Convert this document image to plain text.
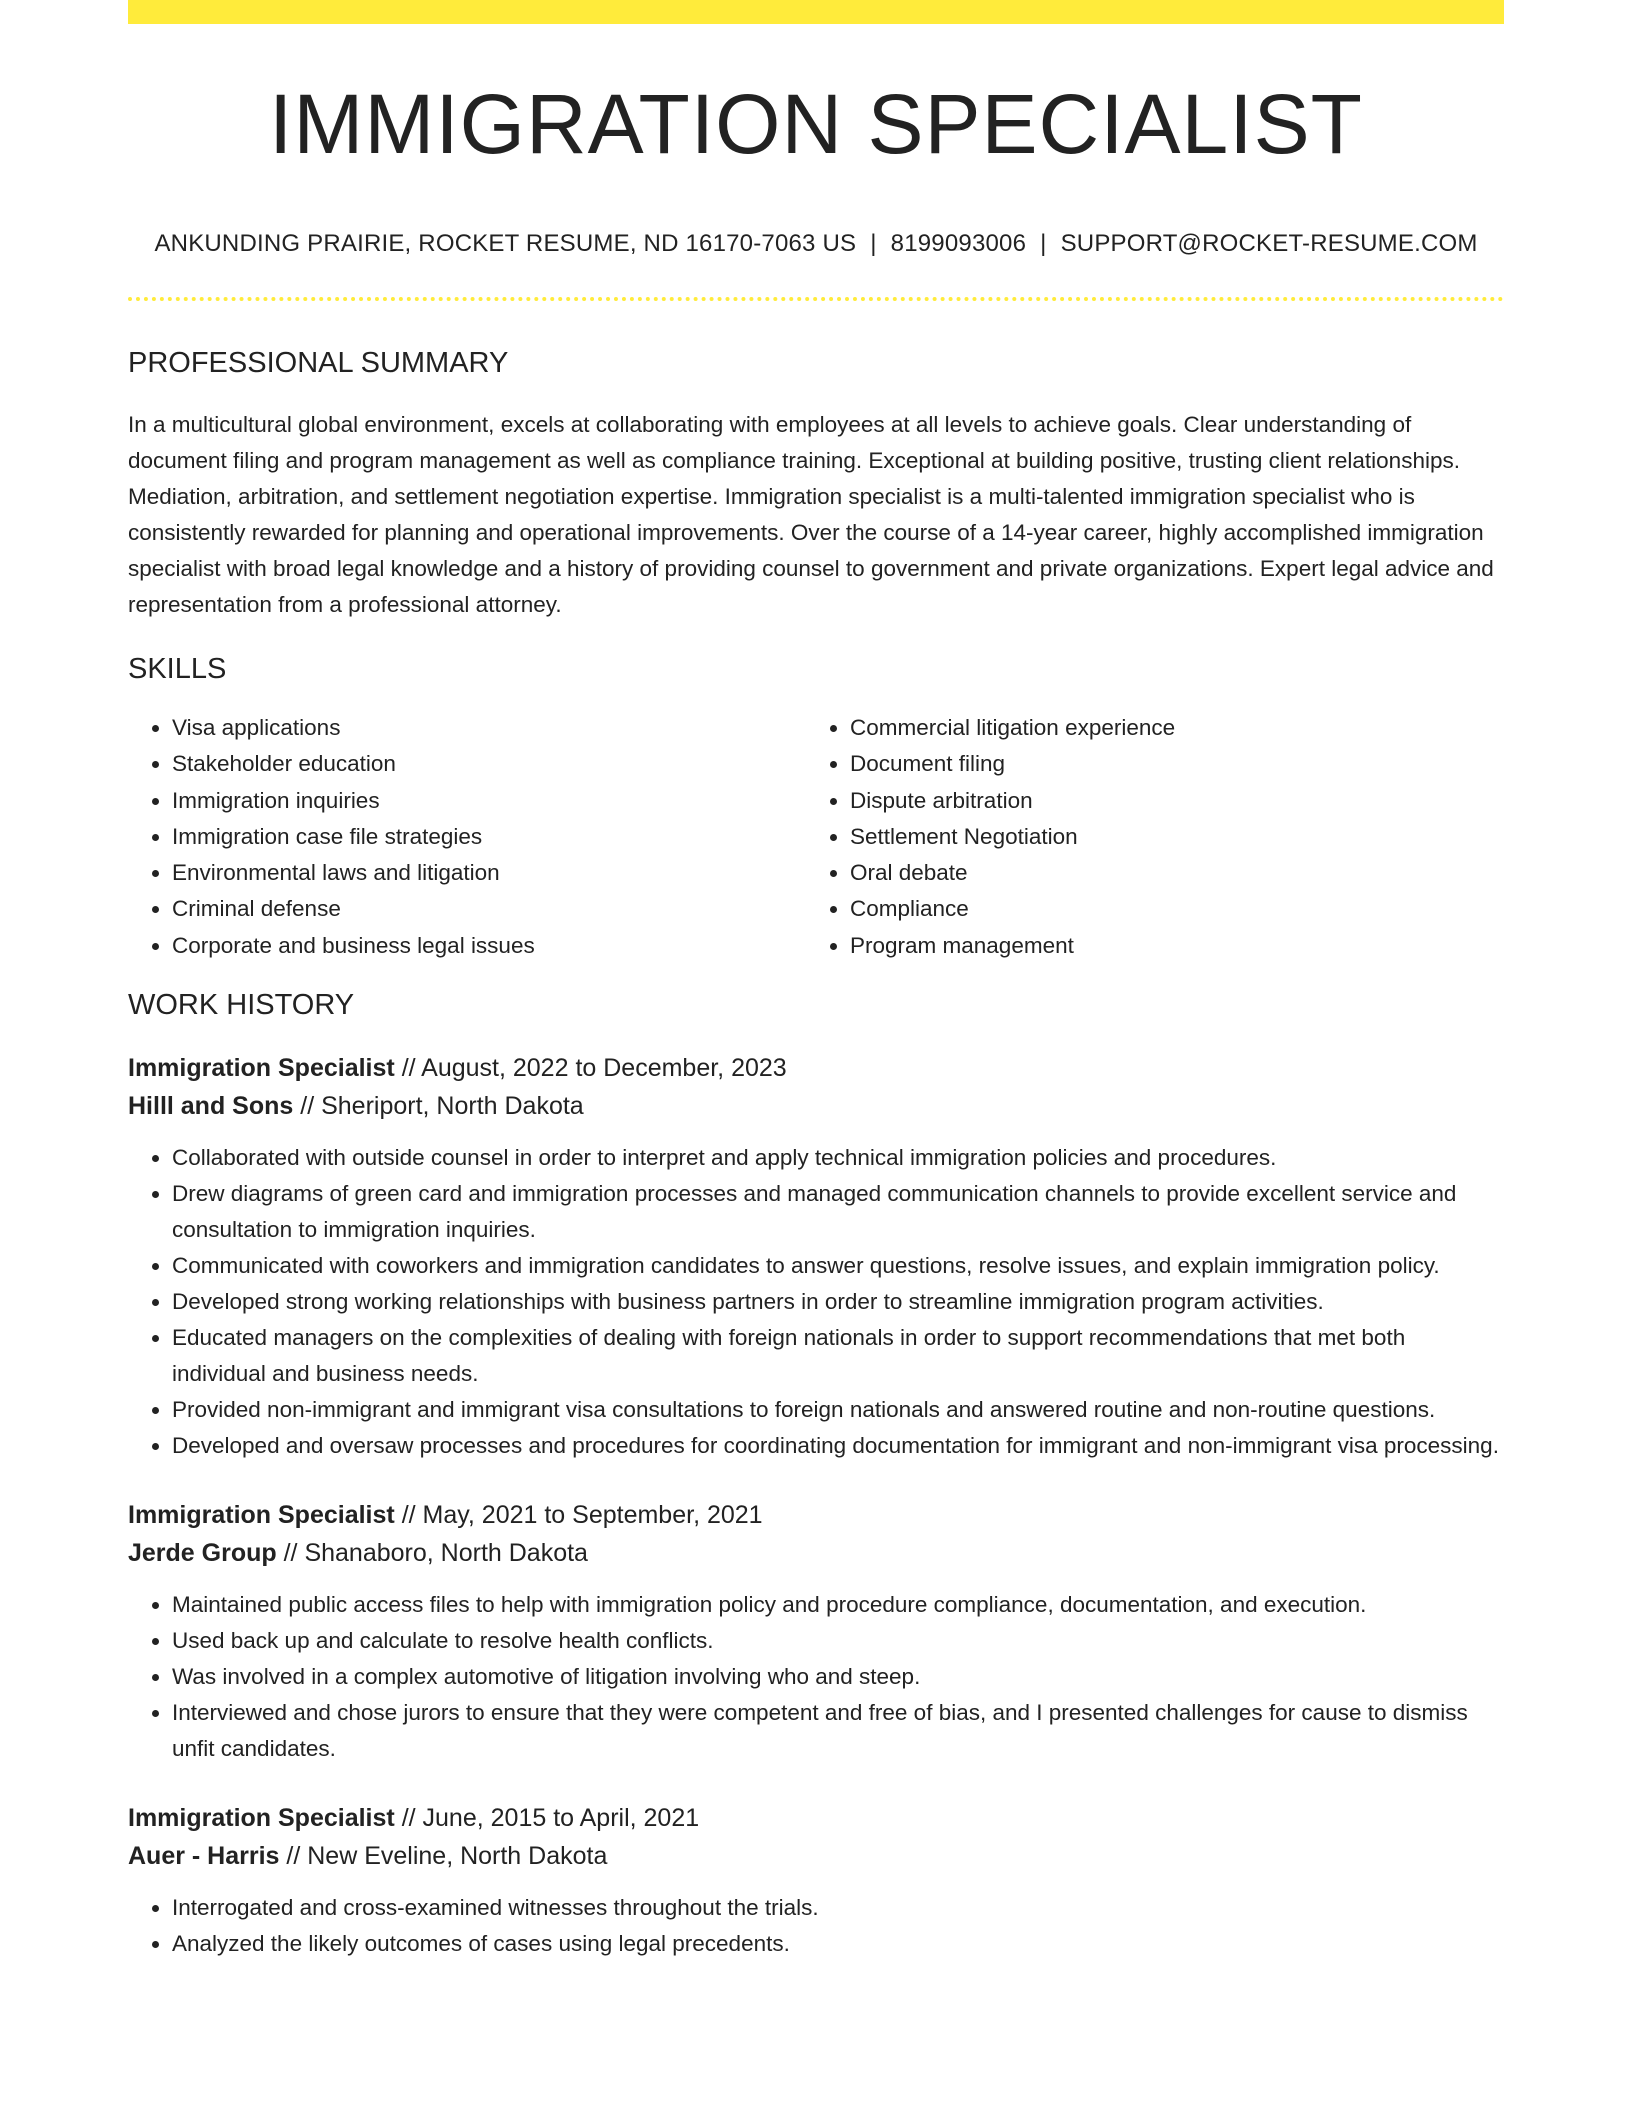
IMMIGRATION SPECIALIST
ANKUNDING PRAIRIE, ROCKET RESUME, ND 16170-7063 US | 8199093006 | SUPPORT@ROCKET-RESUME.COM
PROFESSIONAL SUMMARY

In a multicultural global environment, excels at collaborating with employees at all levels to achieve goals. Clear understanding of document filing and program management as well as compliance training. Exceptional at building positive, trusting client relationships. Mediation, arbitration, and settlement negotiation expertise. Immigration specialist is a multi-talented immigration specialist who is consistently rewarded for planning and operational improvements. Over the course of a 14-year career, highly accomplished immigration specialist with broad legal knowledge and a history of providing counsel to government and private organizations. Expert legal advice and representation from a professional attorney.

SKILLS
• Visa applications
• Stakeholder education
• Immigration inquiries
• Immigration case file strategies
• Environmental laws and litigation
• Criminal defense
• Corporate and business legal issues
• Commercial litigation experience
• Document filing
• Dispute arbitration
• Settlement Negotiation
• Oral debate
• Compliance
• Program management
WORK HISTORY
Immigration Specialist // August, 2022 to December, 2023
Hilll and Sons // Sheriport, North Dakota
• Collaborated with outside counsel in order to interpret and apply technical immigration policies and procedures.
• Drew diagrams of green card and immigration processes and managed communication channels to provide excellent service and consultation to immigration inquiries.
• Communicated with coworkers and immigration candidates to answer questions, resolve issues, and explain immigration policy.
• Developed strong working relationships with business partners in order to streamline immigration program activities.
• Educated managers on the complexities of dealing with foreign nationals in order to support recommendations that met both individual and business needs.
• Provided non-immigrant and immigrant visa consultations to foreign nationals and answered routine and non-routine questions.
• Developed and oversaw processes and procedures for coordinating documentation for immigrant and non-immigrant visa processing.
Immigration Specialist // May, 2021 to September, 2021
Jerde Group // Shanaboro, North Dakota
• Maintained public access files to help with immigration policy and procedure compliance, documentation, and execution.
• Used back up and calculate to resolve health conflicts.
• Was involved in a complex automotive of litigation involving who and steep.
• Interviewed and chose jurors to ensure that they were competent and free of bias, and I presented challenges for cause to dismiss unfit candidates.
Immigration Specialist // June, 2015 to April, 2021
Auer - Harris // New Eveline, North Dakota
• Interrogated and cross-examined witnesses throughout the trials.
• Analyzed the likely outcomes of cases using legal precedents.
